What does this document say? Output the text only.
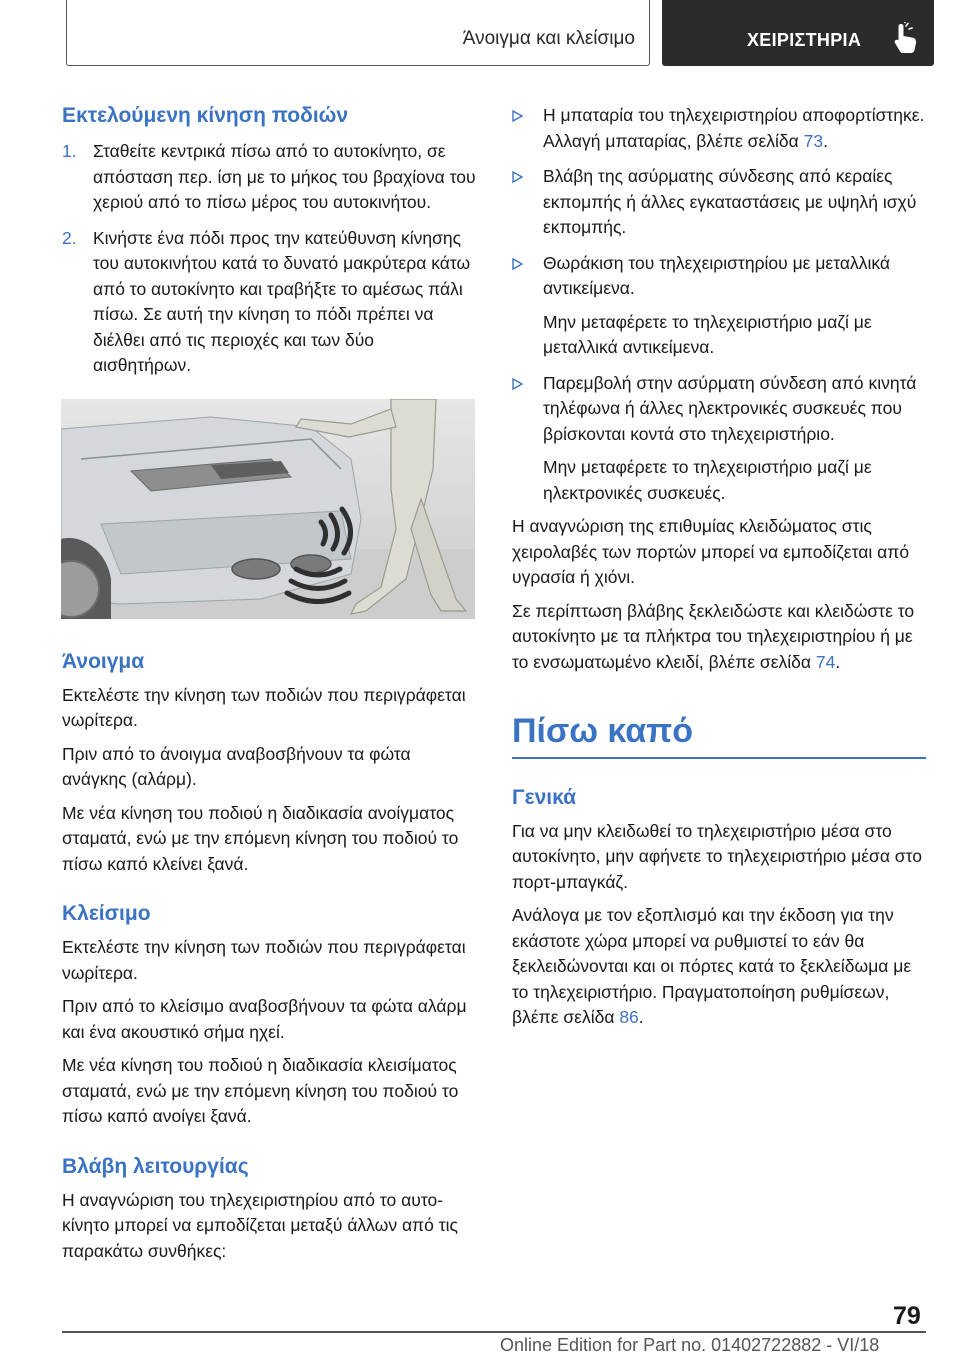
Άνοιγμα και κλείσιμο	ΧΕΙΡΙΣΤΗΡΙΑ
Εκτελούμενη κίνηση ποδιών
1. Σταθείτε κεντρικά πίσω από το αυτοκίνητο, σε απόσταση περ. ίση με το μήκος του βραχίονα του χεριού από το πίσω μέρος του αυτοκινήτου.
2. Κινήστε ένα πόδι προς την κατεύθυνση κίνησης του αυτοκινήτου κατά το δυνατό μακρύτερα κάτω από το αυτοκίνητο και τραβήξτε το αμέσως πάλι πίσω. Σε αυτή την κίνηση το πόδι πρέπει να διέλθει από τις περιοχές και των δύο αισθητήρων.
Άνοιγμα

Εκτελέστε την κίνηση των ποδιών που περιγράφεται νωρίτερα.

Πριν από το άνοιγμα αναβοσβήνουν τα φώτα ανάγκης (αλάρμ).

Με νέα κίνηση του ποδιού η διαδικασία ανοίγματος σταματά, ενώ με την επόμενη κίνηση του ποδιού το πίσω καπό κλείνει ξανά.

Κλείσιμο

Εκτελέστε την κίνηση των ποδιών που περιγράφεται νωρίτερα.

Πριν από το κλείσιμο αναβοσβήνουν τα φώτα αλάρμ και ένα ακουστικό σήμα ηχεί.

Με νέα κίνηση του ποδιού η διαδικασία κλεισίματος σταματά, ενώ με την επόμενη κίνηση του ποδιού το πίσω καπό ανοίγει ξανά.

Βλάβη λειτουργίας

Η αναγνώριση του τηλεχειριστηρίου από το αυτοκίνητο μπορεί να εμποδίζεται μεταξύ άλλων από τις παρακάτω συνθήκες:

Η μπαταρία του τηλεχειριστηρίου αποφορτίστηκε. Αλλαγή μπαταρίας, βλέπε σελίδα 73.
Βλάβη της ασύρματης σύνδεσης από κεραίες εκπομπής ή άλλες εγκαταστάσεις με υψηλή ισχύ εκπομπής.
Θωράκιση του τηλεχειριστηρίου με μεταλλικά αντικείμενα.

Μην μεταφέρετε το τηλεχειριστήριο μαζί με μεταλλικά αντικείμενα.

Παρεμβολή στην ασύρματη σύνδεση από κινητά τηλέφωνα ή άλλες ηλεκτρονικές συσκευές που βρίσκονται κοντά στο τηλεχειριστήριο.

Μην μεταφέρετε το τηλεχειριστήριο μαζί με ηλεκτρονικές συσκευές.

Η αναγνώριση της επιθυμίας κλειδώματος στις χειρολαβές των πορτών μπορεί να εμποδίζεται από υγρασία ή χιόνι.

Σε περίπτωση βλάβης ξεκλειδώστε και κλειδώστε το αυτοκίνητο με τα πλήκτρα του τηλεχειριστηρίου ή με το ενσωματωμένο κλειδί, βλέπε σελίδα 74.

Πίσω καπό
Γενικά

Για να μην κλειδωθεί το τηλεχειριστήριο μέσα στο αυτοκίνητο, μην αφήνετε το τηλεχειριστήριο μέσα στο πορτ-μπαγκάζ.

Ανάλογα με τον εξοπλισμό και την έκδοση για την εκάστοτε χώρα μπορεί να ρυθμιστεί το εάν θα ξεκλειδώνονται και οι πόρτες κατά το ξεκλείδωμα με το τηλεχειριστήριο. Πραγματοποίηση ρυθμίσεων, βλέπε σελίδα 86.

79
Online Edition for Part no. 01402722882 - VI/18
